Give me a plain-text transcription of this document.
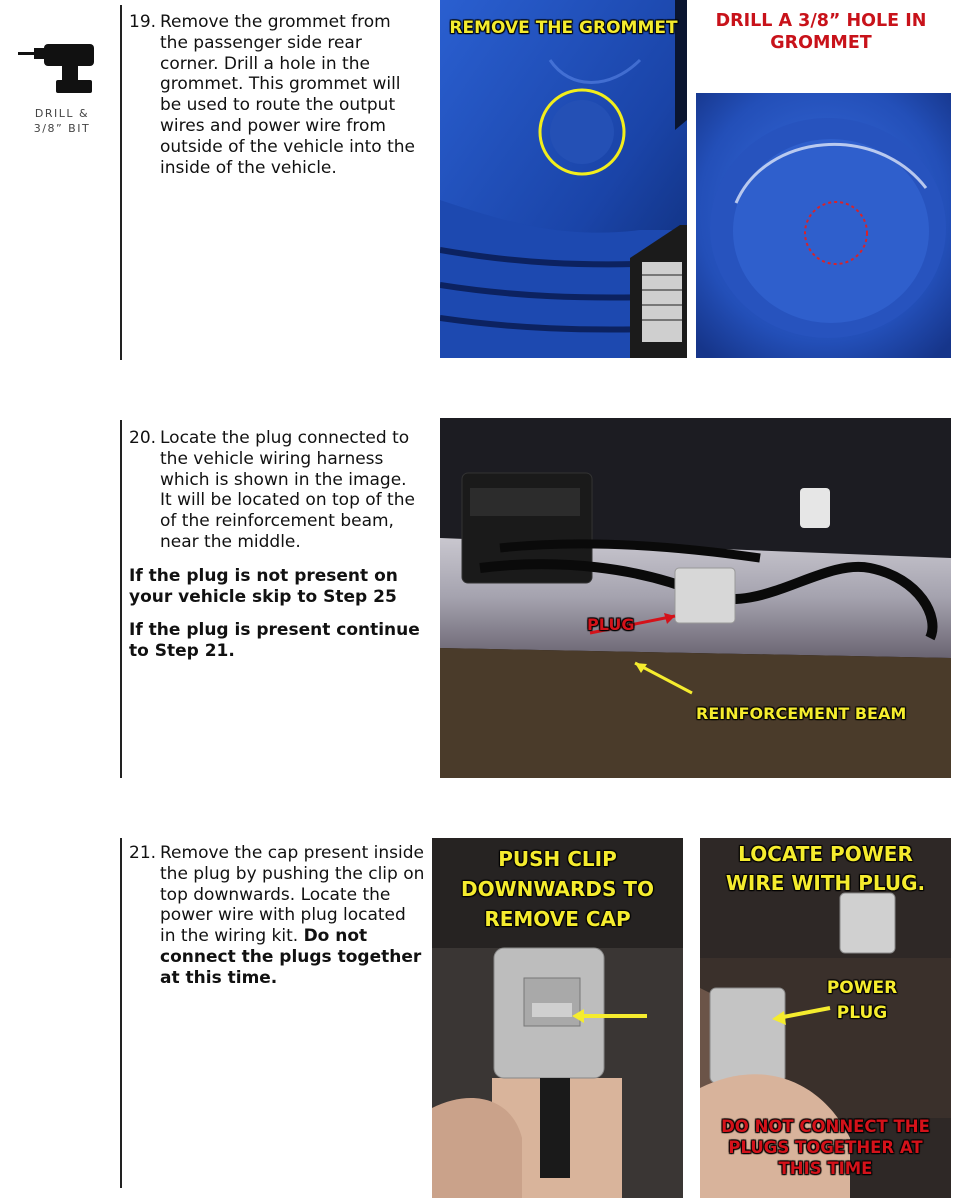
DRILL &
3/8” BIT
19. Remove the grommet from the passenger side rear corner. Drill a hole in the grommet. This grommet will be used to route the output wires and power wire from outside of the vehicle into the inside of the vehicle.
REMOVE THE GROMMET	DRILL A 3/8” HOLE IN
GROMMET
20. Locate the plug connected to the vehicle wiring harness which is shown in the image. It will be located on top of the of the reinforcement beam, near the middle.
If the plug is not present on your vehicle skip to Step 25
If the plug is present continue to Step 21.
PLUG
REINFORCEMENT BEAM
21. Remove the cap present inside the plug by pushing the clip on top downwards. Locate the power wire with plug located in the wiring kit. Do not connect the plugs together at this time.
PUSH CLIP
DOWNWARDS TO
REMOVE CAP
LOCATE POWER
WIRE WITH PLUG.
POWER
PLUG
DO NOT CONNECT THE
PLUGS TOGETHER AT
THIS TIME
